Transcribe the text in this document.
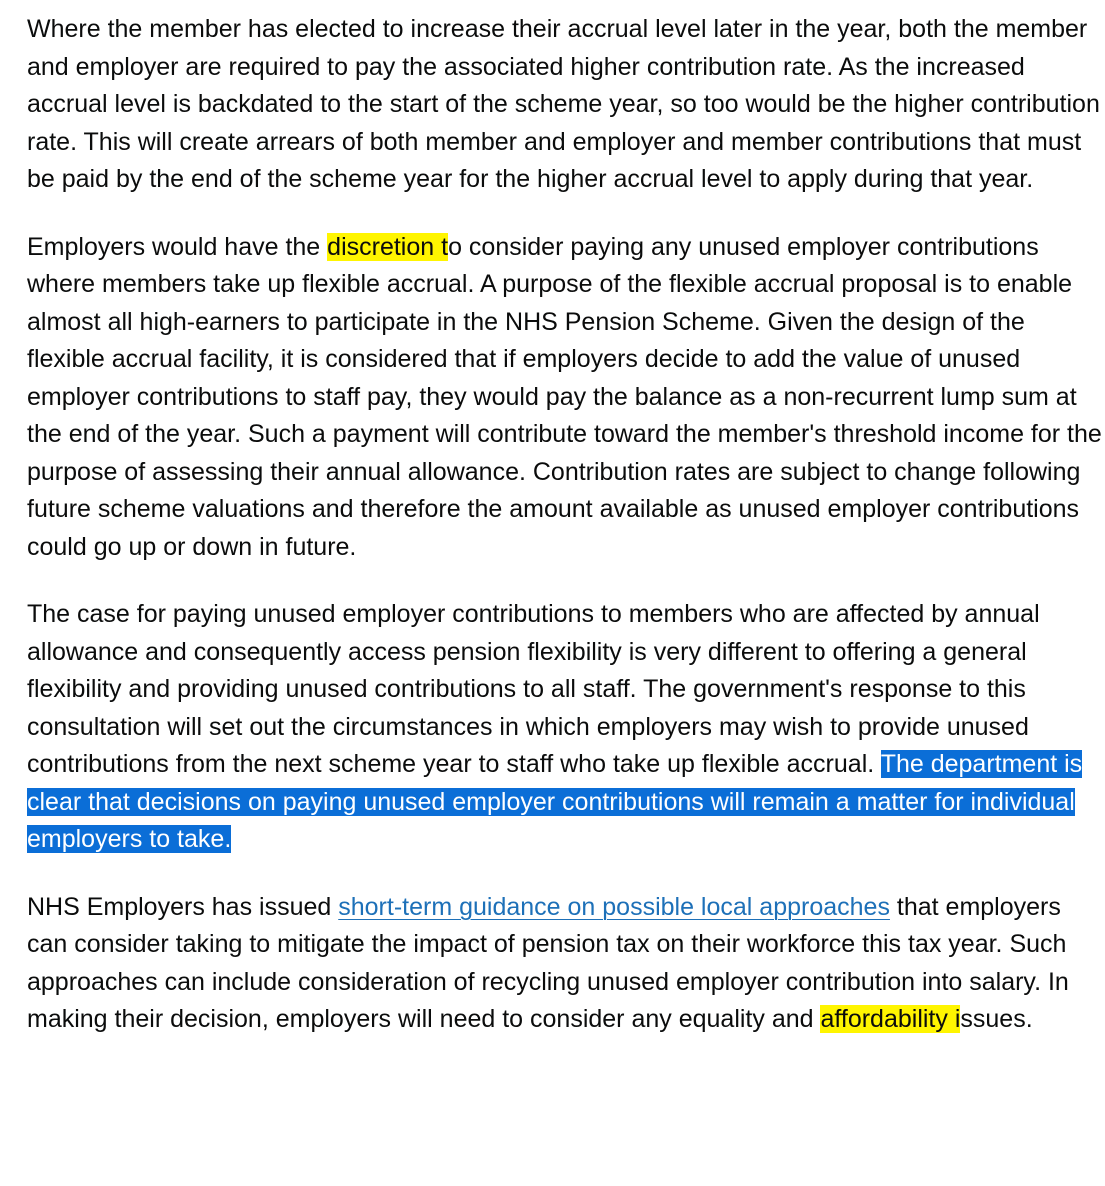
Where the member has elected to increase their accrual level later in the year, both the member and employer are required to pay the associated higher contribution rate. As the increased accrual level is backdated to the start of the scheme year, so too would be the higher contribution rate. This will create arrears of both member and employer and member contributions that must be paid by the end of the scheme year for the higher accrual level to apply during that year.

Employers would have the discretion to consider paying any unused employer contributions where members take up flexible accrual. A purpose of the flexible accrual proposal is to enable almost all high-earners to participate in the NHS Pension Scheme. Given the design of the flexible accrual facility, it is considered that if employers decide to add the value of unused employer contributions to staff pay, they would pay the balance as a non-recurrent lump sum at the end of the year. Such a payment will contribute toward the member's threshold income for the purpose of assessing their annual allowance. Contribution rates are subject to change following future scheme valuations and therefore the amount available as unused employer contributions could go up or down in future.

The case for paying unused employer contributions to members who are affected by annual allowance and consequently access pension flexibility is very different to offering a general flexibility and providing unused contributions to all staff. The government's response to this consultation will set out the circumstances in which employers may wish to provide unused contributions from the next scheme year to staff who take up flexible accrual. The department is clear that decisions on paying unused employer contributions will remain a matter for individual employers to take.

NHS Employers has issued short-term guidance on possible local approaches that employers can consider taking to mitigate the impact of pension tax on their workforce this tax year. Such approaches can include consideration of recycling unused employer contribution into salary. In making their decision, employers will need to consider any equality and affordability issues.
